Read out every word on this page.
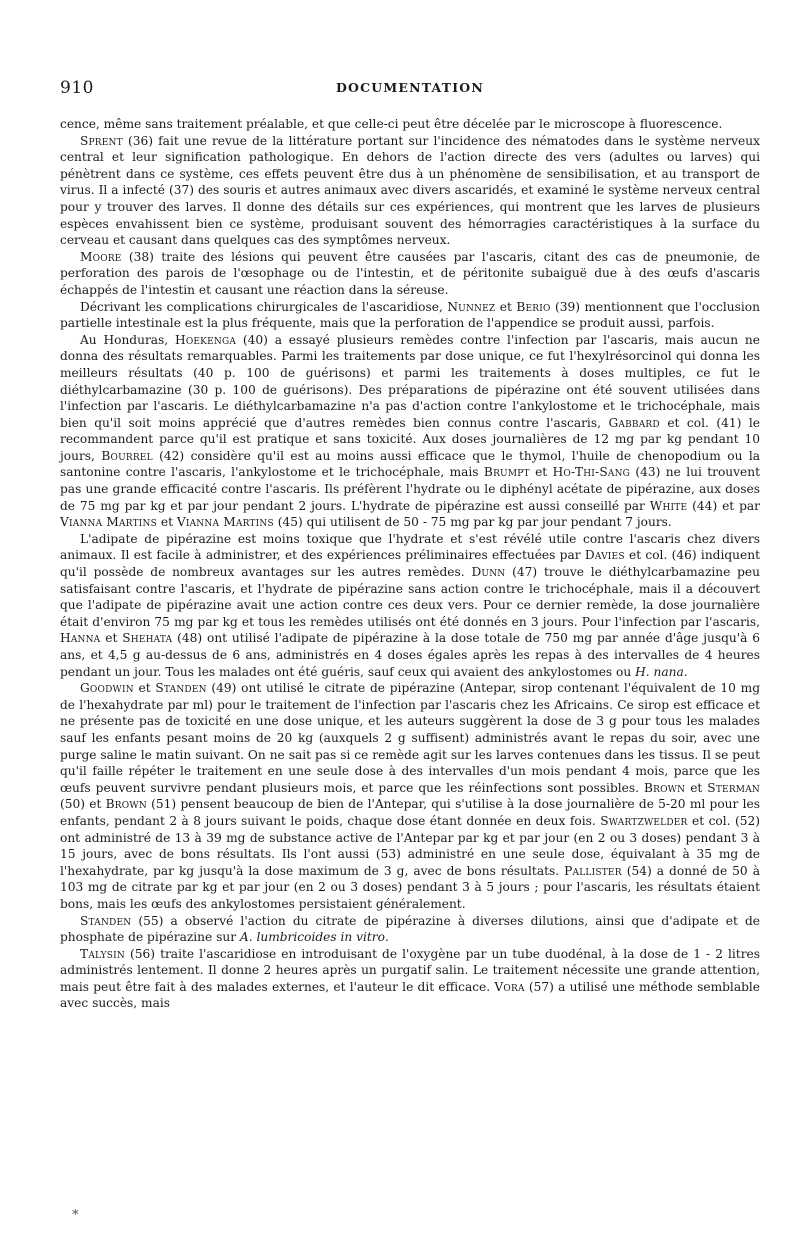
910	DOCUMENTATION

cence, même sans traitement préalable, et que celle-ci peut être décelée par le microscope à fluorescence.

Sprent (36) fait une revue de la littérature portant sur l'incidence des nématodes dans le système nerveux central et leur signification pathologique. En dehors de l'action directe des vers (adultes ou larves) qui pénètrent dans ce système, ces effets peuvent être dus à un phénomène de sensibilisation, et au transport de virus. Il a infecté (37) des souris et autres animaux avec divers ascaridés, et examiné le système nerveux central pour y trouver des larves. Il donne des détails sur ces expériences, qui montrent que les larves de plusieurs espèces envahissent bien ce système, produisant souvent des hémorragies caractéristiques à la surface du cerveau et causant dans quelques cas des symptômes nerveux.

Moore (38) traite des lésions qui peuvent être causées par l'ascaris, citant des cas de pneumonie, de perforation des parois de l'œsophage ou de l'intestin, et de péritonite subaiguë due à des œufs d'ascaris échappés de l'intestin et causant une réaction dans la séreuse.

Décrivant les complications chirurgicales de l'ascaridiose, Nunnez et Berio (39) mentionnent que l'occlusion partielle intestinale est la plus fréquente, mais que la perforation de l'appendice se produit aussi, parfois.

Au Honduras, Hoekenga (40) a essayé plusieurs remèdes contre l'infection par l'ascaris, mais aucun ne donna des résultats remarquables. Parmi les traitements par dose unique, ce fut l'hexylrésorcinol qui donna les meilleurs résultats (40 p. 100 de guérisons) et parmi les traitements à doses multiples, ce fut le diéthylcarbamazine (30 p. 100 de guérisons). Des préparations de pipérazine ont été souvent utilisées dans l'infection par l'ascaris. Le diéthylcarbamazine n'a pas d'action contre l'ankylostome et le trichocéphale, mais bien qu'il soit moins apprécié que d'autres remèdes bien connus contre l'ascaris, Gabbard et col. (41) le recommandent parce qu'il est pratique et sans toxicité. Aux doses journalières de 12 mg par kg pendant 10 jours, Bourrel (42) considère qu'il est au moins aussi efficace que le thymol, l'huile de chenopodium ou la santonine contre l'ascaris, l'ankylostome et le trichocéphale, mais Brumpt et Ho-Thi-Sang (43) ne lui trouvent pas une grande efficacité contre l'ascaris. Ils préfèrent l'hydrate ou le diphényl acétate de pipérazine, aux doses de 75 mg par kg et par jour pendant 2 jours. L'hydrate de pipérazine est aussi conseillé par White (44) et par Vianna Martins et Vianna Martins (45) qui utilisent de 50 - 75 mg par kg par jour pendant 7 jours.

L'adipate de pipérazine est moins toxique que l'hydrate et s'est révélé utile contre l'ascaris chez divers animaux. Il est facile à administrer, et des expériences préliminaires effectuées par Davies et col. (46) indiquent qu'il possède de nombreux avantages sur les autres remèdes. Dunn (47) trouve le diéthylcarbamazine peu satisfaisant contre l'ascaris, et l'hydrate de pipérazine sans action contre le trichocéphale, mais il a découvert que l'adipate de pipérazine avait une action contre ces deux vers. Pour ce dernier remède, la dose journalière était d'environ 75 mg par kg et tous les remèdes utilisés ont été donnés en 3 jours. Pour l'infection par l'ascaris, Hanna et Shehata (48) ont utilisé l'adipate de pipérazine à la dose totale de 750 mg par année d'âge jusqu'à 6 ans, et 4,5 g au-dessus de 6 ans, administrés en 4 doses égales après les repas à des intervalles de 4 heures pendant un jour. Tous les malades ont été guéris, sauf ceux qui avaient des ankylostomes ou H. nana.

Goodwin et Standen (49) ont utilisé le citrate de pipérazine (Antepar, sirop contenant l'équivalent de 10 mg de l'hexahydrate par ml) pour le traitement de l'infection par l'ascaris chez les Africains. Ce sirop est efficace et ne présente pas de toxicité en une dose unique, et les auteurs suggèrent la dose de 3 g pour tous les malades sauf les enfants pesant moins de 20 kg (auxquels 2 g suffisent) administrés avant le repas du soir, avec une purge saline le matin suivant. On ne sait pas si ce remède agit sur les larves contenues dans les tissus. Il se peut qu'il faille répéter le traitement en une seule dose à des intervalles d'un mois pendant 4 mois, parce que les œufs peuvent survivre pendant plusieurs mois, et parce que les réinfections sont possibles. Brown et Sterman (50) et Brown (51) pensent beaucoup de bien de l'Antepar, qui s'utilise à la dose journalière de 5-20 ml pour les enfants, pendant 2 à 8 jours suivant le poids, chaque dose étant donnée en deux fois. Swartzwelder et col. (52) ont administré de 13 à 39 mg de substance active de l'Antepar par kg et par jour (en 2 ou 3 doses) pendant 3 à 15 jours, avec de bons résultats. Ils l'ont aussi (53) administré en une seule dose, équivalant à 35 mg de l'hexahydrate, par kg jusqu'à la dose maximum de 3 g, avec de bons résultats. Pallister (54) a donné de 50 à 103 mg de citrate par kg et par jour (en 2 ou 3 doses) pendant 3 à 5 jours ; pour l'ascaris, les résultats étaient bons, mais les œufs des ankylostomes persistaient généralement.

Standen (55) a observé l'action du citrate de pipérazine à diverses dilutions, ainsi que d'adipate et de phosphate de pipérazine sur A. lumbricoides in vitro.

Talysin (56) traite l'ascaridiose en introduisant de l'oxygène par un tube duodénal, à la dose de 1 - 2 litres administrés lentement. Il donne 2 heures après un purgatif salin. Le traitement nécessite une grande attention, mais peut être fait à des malades externes, et l'auteur le dit efficace. Vora (57) a utilisé une méthode semblable avec succès, mais

*
